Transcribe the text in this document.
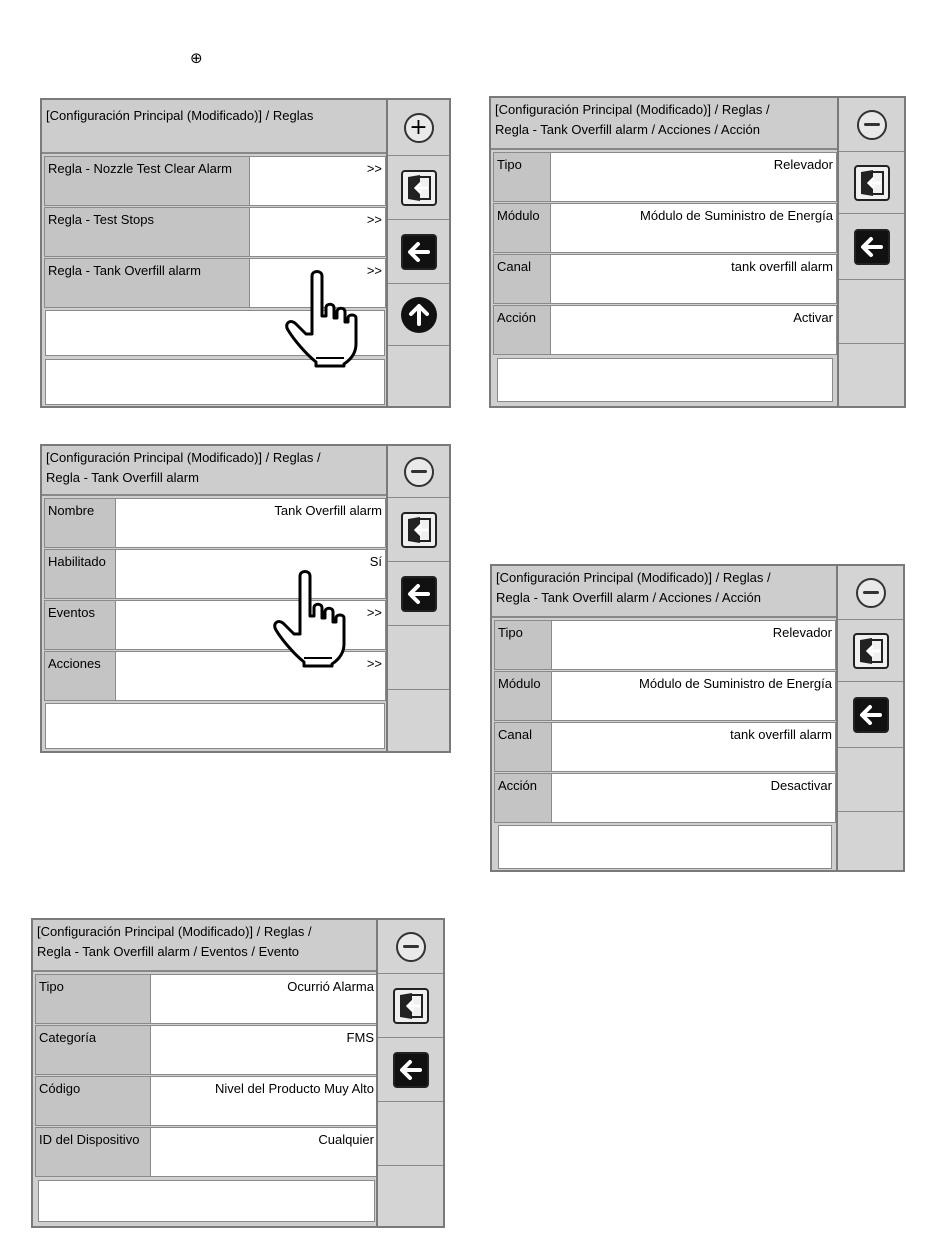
⊕
[Configuración Principal (Modificado)] / Reglas
Regla - Nozzle Test Clear Alarm	>>
Regla - Test Stops	>>
Regla - Tank Overfill alarm	>>
+
[Configuración Principal (Modificado)] / Reglas /
Regla - Tank Overfill alarm
Nombre	Tank Overfill alarm
Habilitado	Sí
Eventos	>>
Acciones	>>
[Configuración Principal (Modificado)] / Reglas /
Regla - Tank Overfill alarm / Acciones / Acción
Tipo	Relevador
Módulo	Módulo de Suministro de Energía
Canal	tank overfill alarm
Acción	Activar
[Configuración Principal (Modificado)] / Reglas /
Regla - Tank Overfill alarm / Acciones / Acción
Tipo	Relevador
Módulo	Módulo de Suministro de Energía
Canal	tank overfill alarm
Acción	Desactivar
[Configuración Principal (Modificado)] / Reglas /
Regla - Tank Overfill alarm / Eventos / Evento
Tipo	Ocurrió Alarma
Categoría	FMS
Código	Nivel del Producto Muy Alto
ID del Dispositivo	Cualquier
